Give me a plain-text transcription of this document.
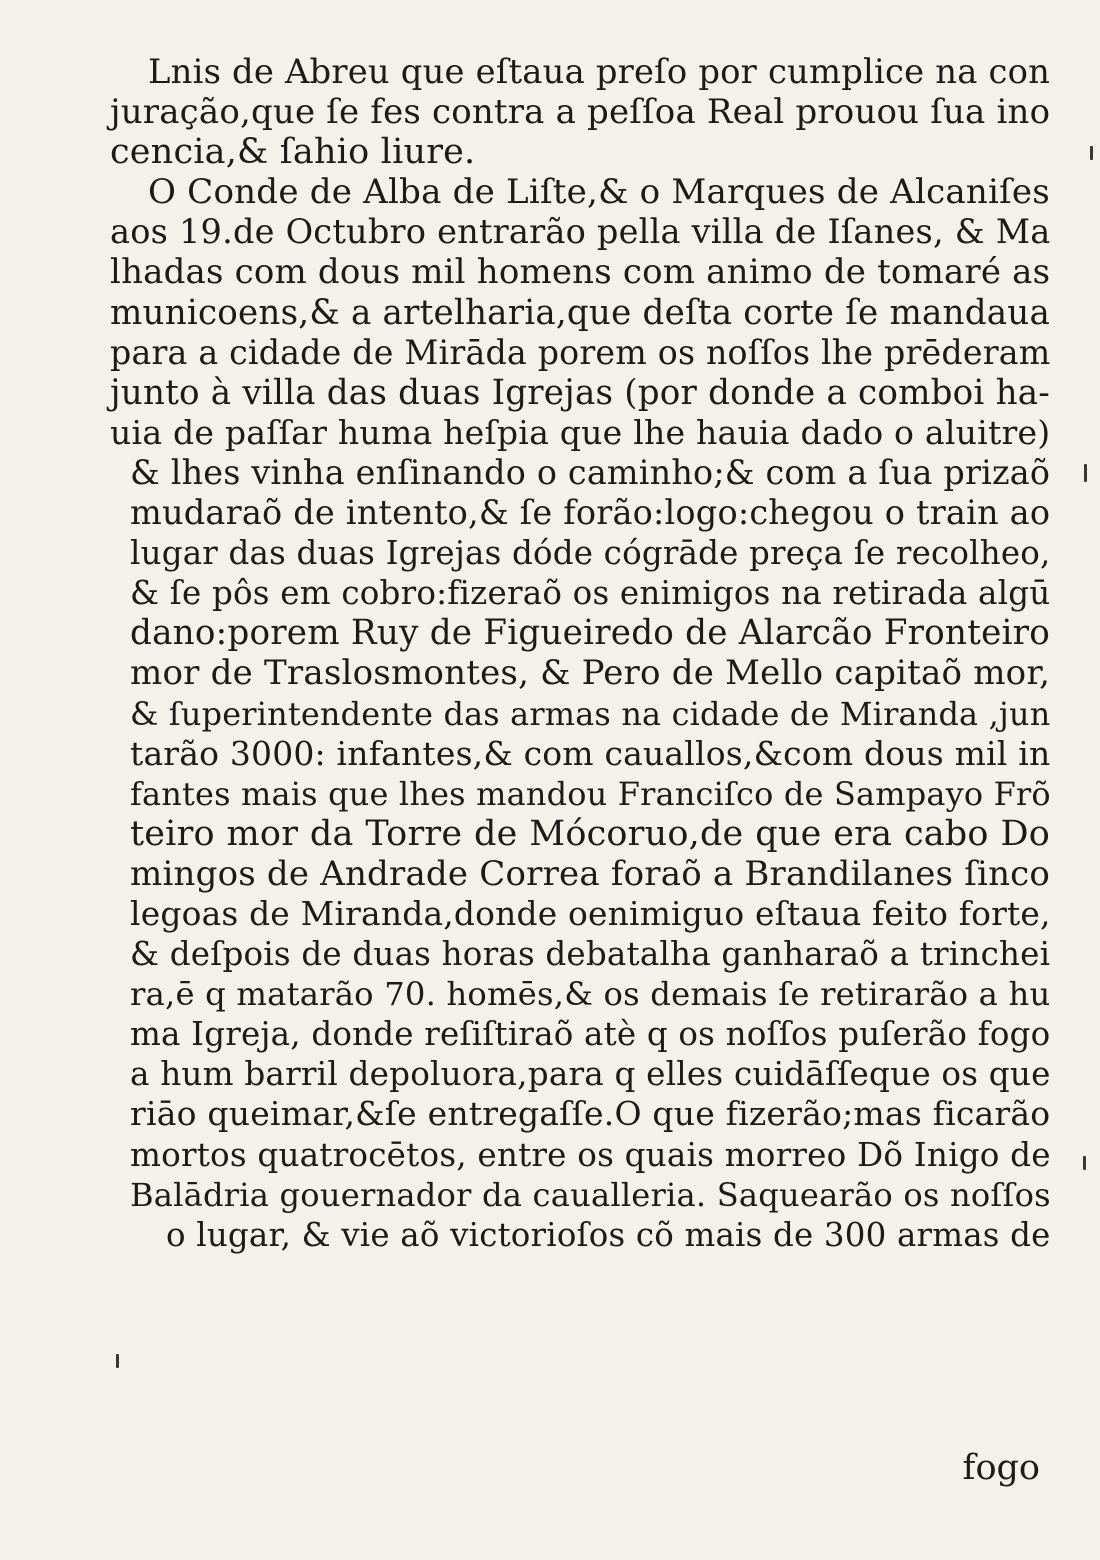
Lnis de Abreu que eſtaua preſo por cumplice na con
juração,que ſe fes contra a peſſoa Real prouou ſua ino
cencia,& ſahio liure.
O Conde de Alba de Liſte,& o Marques de Alcaniſes
aos 19.de Octubro entrarão pella villa de Iſanes, & Ma
lhadas com dous mil homens com animo de tomaré as
municoens,& a artelharia,que deſta corte ſe mandaua
para a cidade de Mirāda porem os noſſos lhe prēderam
junto à villa das duas Igrejas (por donde a comboi ha-
uia de paſſar huma heſpia que lhe hauia dado o aluitre)
& lhes vinha enſinando o caminho;& com a ſua prizaõ
mudaraõ de intento,& ſe forão:logo:chegou o train ao
lugar das duas Igrejas dóde cógrāde preça ſe recolheo,
& ſe pôs em cobro:fizeraõ os enimigos na retirada algū
dano:porem Ruy de Figueiredo de Alarcão Fronteiro
mor de Traslosmontes, & Pero de Mello capitaõ mor,
& ſuperintendente das armas na cidade de Miranda ,jun
tarão 3000: infantes,& com cauallos,&com dous mil in
fantes mais que lhes mandou Franciſco de Sampayo Frõ
teiro mor da Torre de Mócoruo,de que era cabo Do
mingos de Andrade Correa foraõ a Brandilanes ſinco
legoas de Miranda,donde oenimiguo eſtaua feito forte,
& deſpois de duas horas debatalha ganharaõ a trinchei
ra,ē q matarão 70. homēs,& os demais ſe retirarão a hu
ma Igreja, donde reſiſtiraõ atè q os noſſos puſerão fogo
a hum barril depoluora,para q elles cuidāſſeque os que
riāo queimar,&ſe entregaſſe.O que fizerão;mas ficarão
mortos quatrocētos, entre os quais morreo Dõ Inigo de
Balādria gouernador da caualleria. Saquearão os noſſos
o lugar, & vie aõ victorioſos cõ mais de 300 armas de
fogo
